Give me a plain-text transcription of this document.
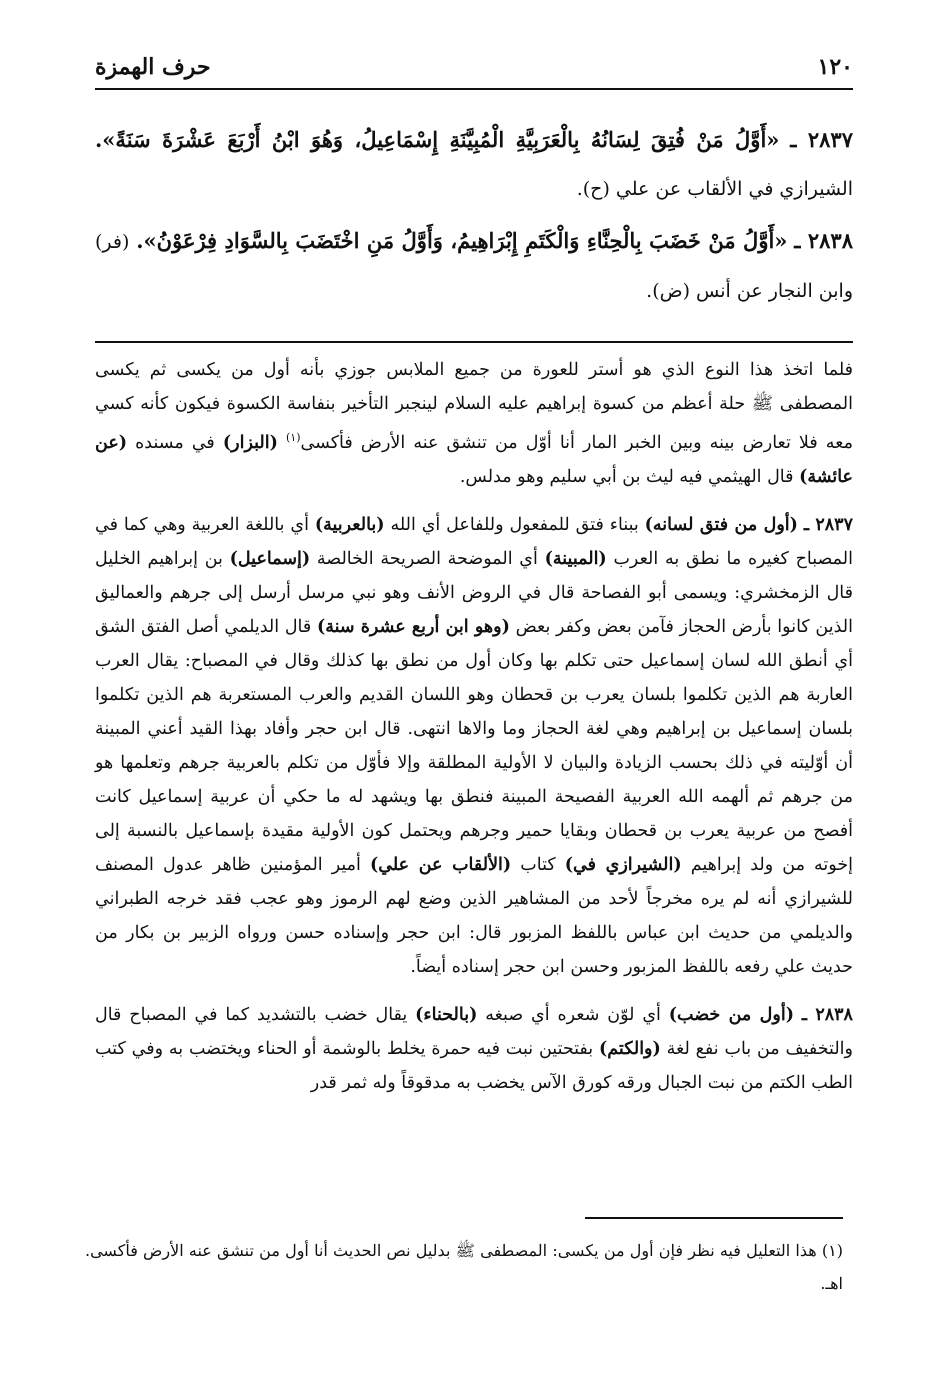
١٢٠
حرف الهمزة

٢٨٣٧ ـ «أَوَّلُ مَنْ فُتِقَ لِسَانُهُ بِالْعَرَبِيَّةِ الْمُبِيَّنَةِ إِسْمَاعِيلُ، وَهُوَ ابْنُ أَرْبَعَ عَشْرَةَ سَنَةً». الشيرازي في الألقاب عن علي (ح).

٢٨٣٨ ـ «أَوَّلُ مَنْ خَضَبَ بِالْحِنَّاءِ وَالْكَتَمِ إِبْرَاهِيمُ، وَأَوَّلُ مَنِ اخْتَضَبَ بِالسَّوَادِ فِرْعَوْنُ». (فر) وابن النجار عن أنس (ض).

فلما اتخذ هذا النوع الذي هو أستر للعورة من جميع الملابس جوزي بأنه أول من يكسى ثم يكسى المصطفى ﷺ حلة أعظم من كسوة إبراهيم عليه السلام لينجبر التأخير بنفاسة الكسوة فيكون كأنه كسي معه فلا تعارض بينه وبين الخبر المار أنا أوّل من تنشق عنه الأرض فأكسى$^{(١)}$ (البزار) في مسنده (عن عائشة) قال الهيثمي فيه ليث بن أبي سليم وهو مدلس.

٢٨٣٧ ـ (أول من فتق لسانه) ببناء فتق للمفعول وللفاعل أي الله (بالعربية) أي باللغة العربية وهي كما في المصباح كغيره ما نطق به العرب (المبينة) أي الموضحة الصريحة الخالصة (إسماعيل) بن إبراهيم الخليل قال الزمخشري: ويسمى أبو الفصاحة قال في الروض الأنف وهو نبي مرسل أرسل إلى جرهم والعماليق الذين كانوا بأرض الحجاز فآمن بعض وكفر بعض (وهو ابن أربع عشرة سنة) قال الديلمي أصل الفتق الشق أي أنطق الله لسان إسماعيل حتى تكلم بها وكان أول من نطق بها كذلك وقال في المصباح: يقال العرب العاربة هم الذين تكلموا بلسان يعرب بن قحطان وهو اللسان القديم والعرب المستعربة هم الذين تكلموا بلسان إسماعيل بن إبراهيم وهي لغة الحجاز وما والاها انتهى. قال ابن حجر وأفاد بهذا القيد أعني المبينة أن أوّليته في ذلك بحسب الزيادة والبيان لا الأولية المطلقة وإلا فأوّل من تكلم بالعربية جرهم وتعلمها هو من جرهم ثم ألهمه الله العربية الفصيحة المبينة فنطق بها ويشهد له ما حكي أن عربية إسماعيل كانت أفصح من عربية يعرب بن قحطان وبقايا حمير وجرهم ويحتمل كون الأولية مقيدة بإسماعيل بالنسبة إلى إخوته من ولد إبراهيم (الشيرازي في) كتاب (الألقاب عن علي) أمير المؤمنين ظاهر عدول المصنف للشيرازي أنه لم يره مخرجاً لأحد من المشاهير الذين وضع لهم الرموز وهو عجب فقد خرجه الطبراني والديلمي من حديث ابن عباس باللفظ المزبور قال: ابن حجر وإسناده حسن ورواه الزبير بن بكار من حديث علي رفعه باللفظ المزبور وحسن ابن حجر إسناده أيضاً.

٢٨٣٨ ـ (أول من خضب) أي لوّن شعره أي صبغه (بالحناء) يقال خضب بالتشديد كما في المصباح قال والتخفيف من باب نفع لغة (والكتم) بفتحتين نبت فيه حمرة يخلط بالوشمة أو الحناء ويختضب به وفي كتب الطب الكتم من نبت الجبال ورقه كورق الآس يخضب به مدقوقاً وله ثمر قدر

(١) هذا التعليل فيه نظر فإن أول من يكسى: المصطفى ﷺ بدليل نص الحديث أنا أول من تنشق عنه الأرض فأكسى. اهـ.
